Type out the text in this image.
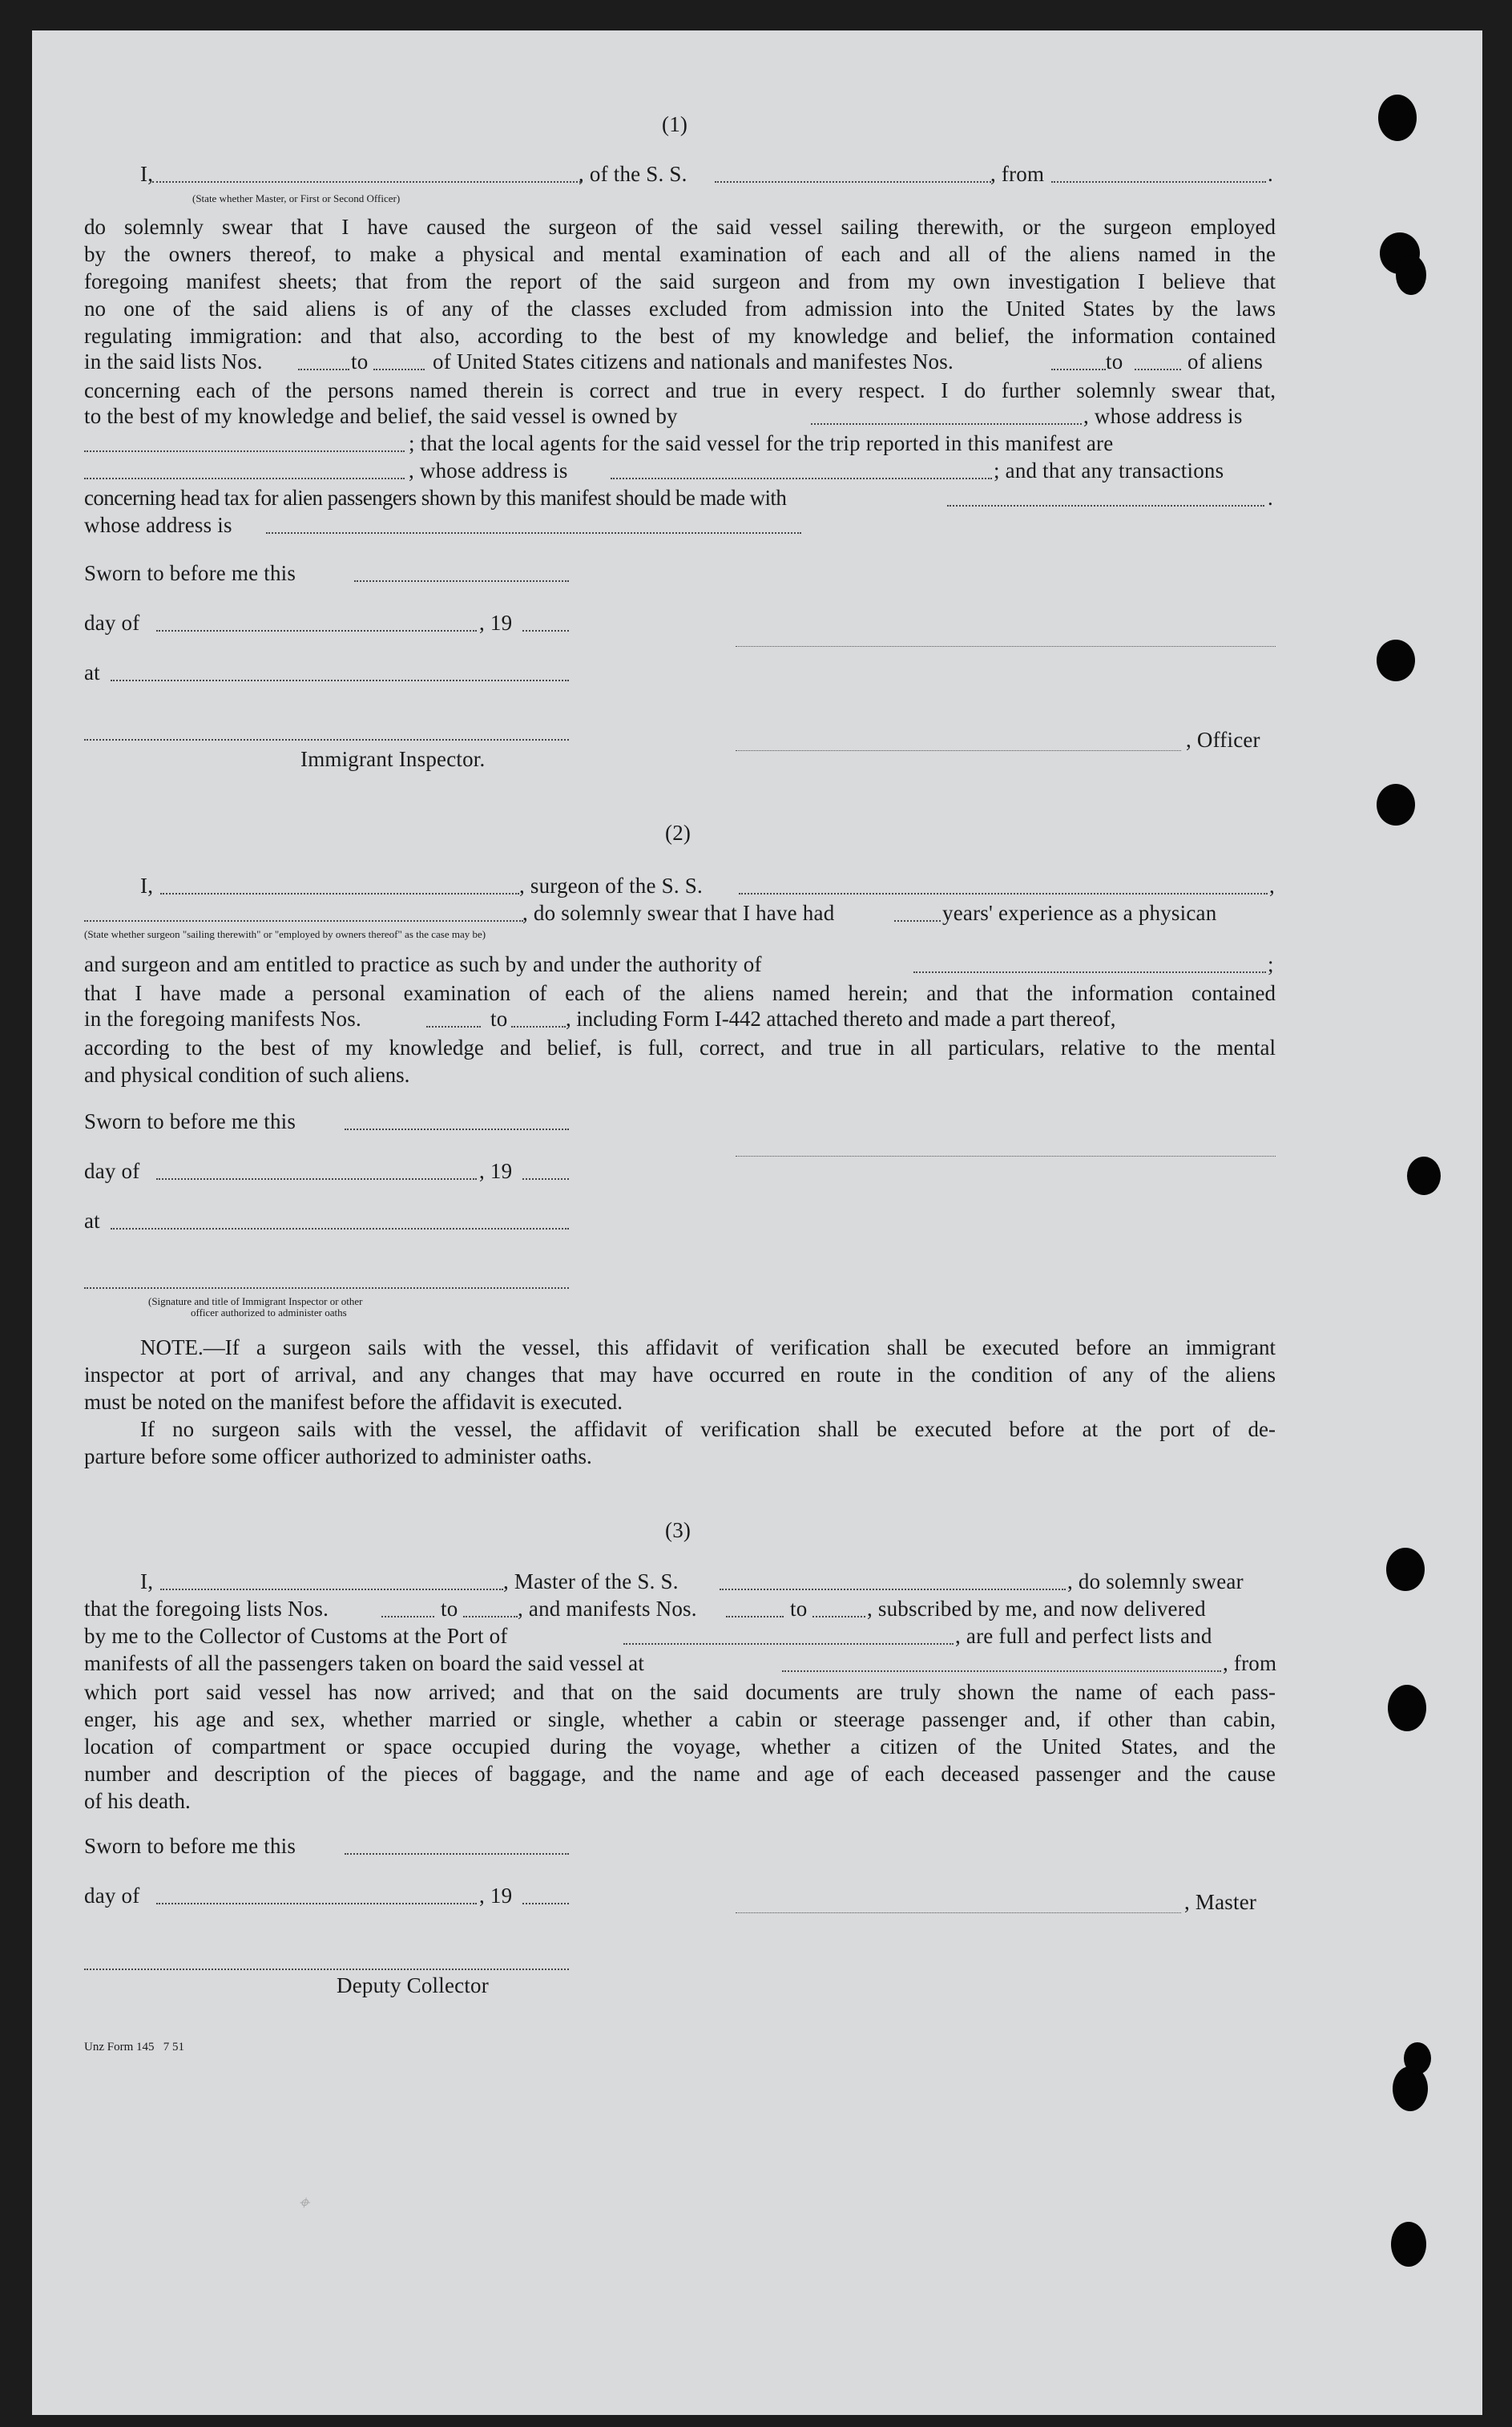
(1)
I,	, of the S. S.	, from	.
(State whether Master, or First or Second Officer)
do solemnly swear that I have caused the surgeon of the said vessel sailing therewith, or the surgeon employed
by the owners thereof, to make a physical and mental examination of each and all of the aliens named in the
foregoing manifest sheets; that from the report of the said surgeon and from my own investigation I believe that
no one of the said aliens is of any of the classes excluded from admission into the United States by the laws
regulating immigration: and that also, according to the best of my knowledge and belief, the information contained
in the said lists Nos.	to	of United States citizens and nationals and manifestes Nos.	to	of aliens
concerning each of the persons named therein is correct and true in every respect. I do further solemnly swear that,
to the best of my knowledge and belief, the said vessel is owned by	, whose address is
; that the local agents for the said vessel for the trip reported in this manifest are
, whose address is	; and that any transactions
concerning head tax for alien passengers shown by this manifest should be made with	.
whose address is
Sworn to before me this
day of	, 19
at
, Officer
Immigrant Inspector.
(2)
I,	, surgeon of the S. S.	,
, do solemnly swear that I have had	years' experience as a physican
(State whether surgeon "sailing therewith" or "employed by owners thereof" as the case may be)
and surgeon and am entitled to practice as such by and under the authority of	;
that I have made a personal examination of each of the aliens named herein; and that the information contained
in the foregoing manifests Nos.	to	, including Form I-442 attached thereto and made a part thereof,
according to the best of my knowledge and belief, is full, correct, and true in all particulars, relative to the mental
and physical condition of such aliens.
Sworn to before me this
day of	, 19
at
(Signature and title of Immigrant Inspector or other
officer authorized to administer oaths
NOTE.—If a surgeon sails with the vessel, this affidavit of verification shall be executed before an immigrant
inspector at port of arrival, and any changes that may have occurred en route in the condition of any of the aliens
must be noted on the manifest before the affidavit is executed.
If no surgeon sails with the vessel, the affidavit of verification shall be executed before at the port of de-
parture before some officer authorized to administer oaths.
(3)
I,	, Master of the S. S.	, do solemnly swear
that the foregoing lists Nos.	to	, and manifests Nos.	to	, subscribed by me, and now delivered
by me to the Collector of Customs at the Port of	, are full and perfect lists and
manifests of all the passengers taken on board the said vessel at	, from
which port said vessel has now arrived; and that on the said documents are truly shown the name of each pass-
enger, his age and sex, whether married or single, whether a cabin or steerage passenger and, if other than cabin,
location of compartment or space occupied during the voyage, whether a citizen of the United States, and the
number and description of the pieces of baggage, and the name and age of each deceased passenger and the cause
of his death.
Sworn to before me this
day of	, 19	, Master
Deputy Collector
Unz Form 145   7 51
⌖
